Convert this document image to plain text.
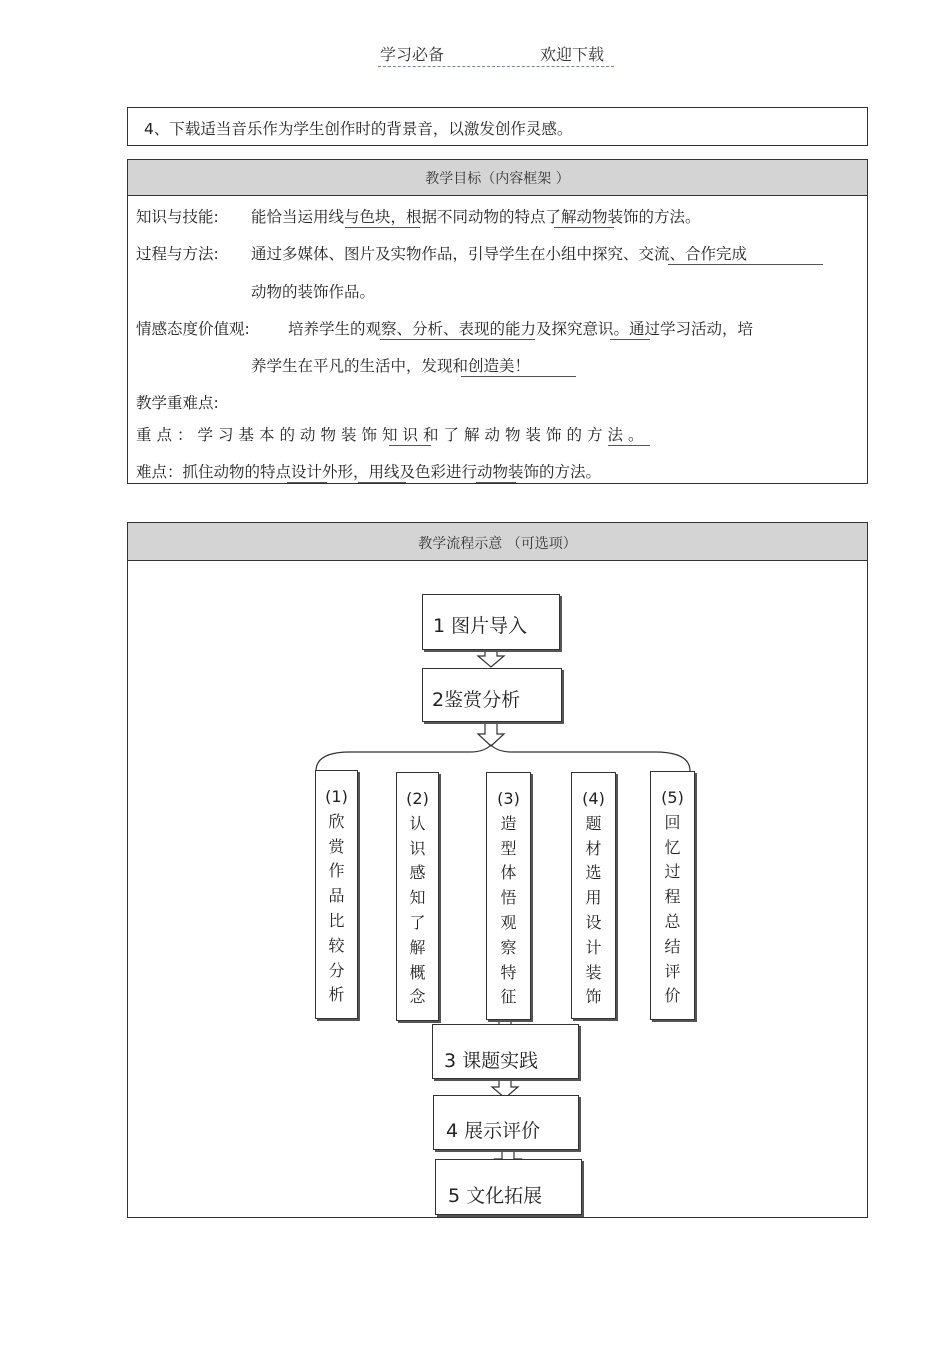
学习必备	欢迎下载
4、下载适当音乐作为学生创作时的背景音，以激发创作灵感。
教学目标（内容框架 ）
知识与技能: 能恰当运用线与色块，根据不同动物的特点了解动物装饰的方法。
过程与方法: 通过多媒体、图片及实物作品，引导学生在小组中探究、交流、合作完成
动物的装饰作品。
情感态度价值观: 培养学生的观察、分析、表现的能力及探究意识。通过学习活动，培
养学生在平凡的生活中，发现和创造美！
教学重难点:
重点：学习基本的动物装饰知识和了解动物装饰的方法。
难点：抓住动物的特点设计外形，用线及色彩进行动物装饰的方法。
教学流程示意 （可选项）
1 图片导入
2鉴赏分析
(1)
欣
赏
作
品
比
较
分
析
(2)
认
识
感
知
了
解
概
念
(3)
造
型
体
悟
观
察
特
征
(4)
题
材
选
用
设
计
装
饰
(5)
回
忆
过
程
总
结
评
价
3 课题实践
4 展示评价
5 文化拓展
